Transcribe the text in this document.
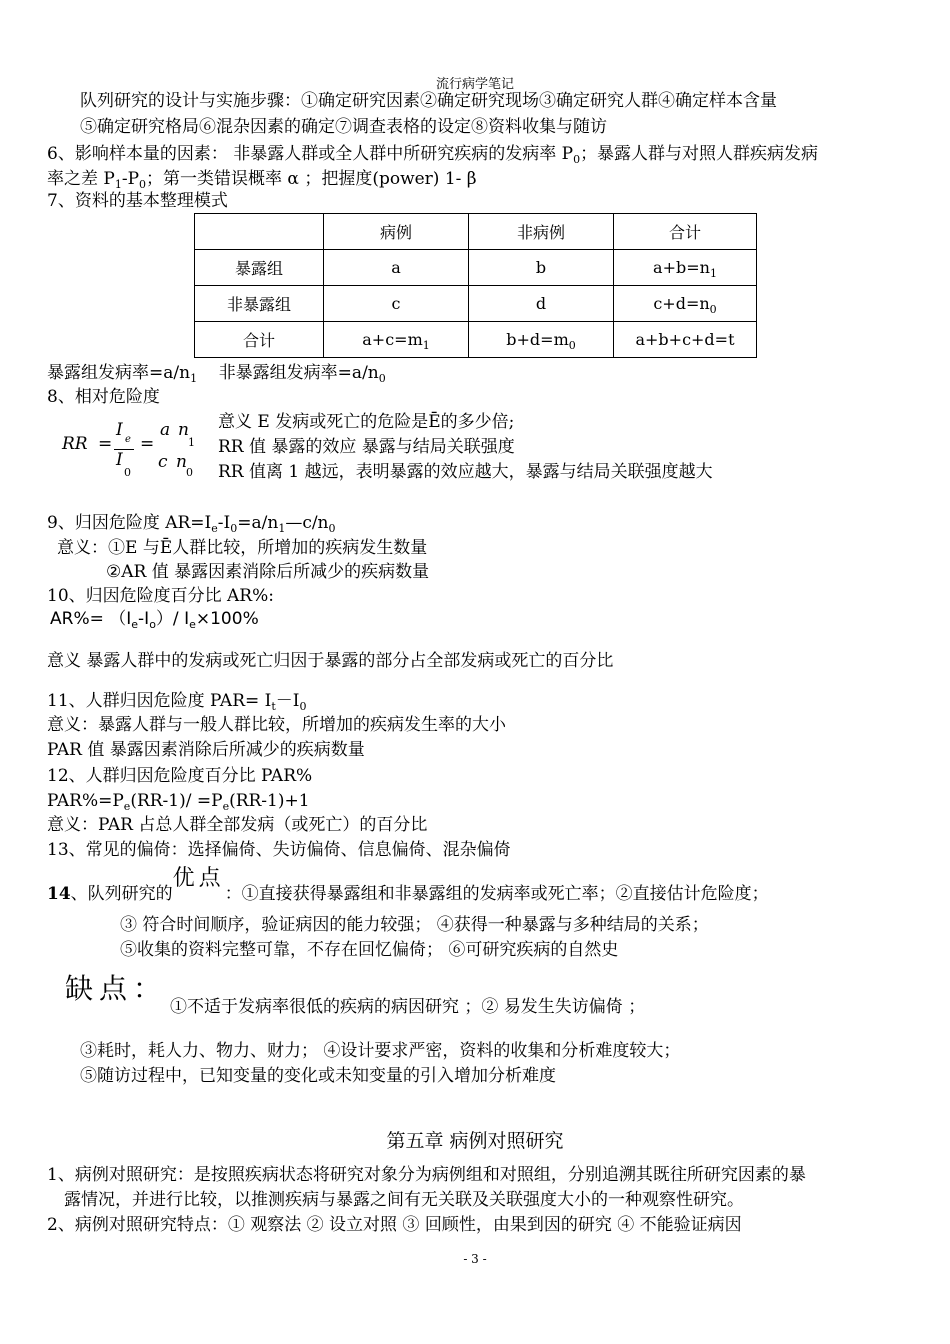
流行病学笔记
队列研究的设计与实施步骤：①确定研究因素②确定研究现场③确定研究人群④确定样本含量
⑤确定研究格局⑥混杂因素的确定⑦调查表格的设定⑧资料收集与随访
6、影响样本量的因素： 非暴露人群或全人群中所研究疾病的发病率 $P_0$；暴露人群与对照人群疾病发病
率之差 $P_1-P_0$；第一类错误概率 α ；把握度(power) 1- β
7、资料的基本整理模式
	病例	非病例	合计
暴露组	a	b	$a+b=n_1$
非暴露组	c	d	$c+d=n_0$
合计	$a+c=m_1$	$b+d=m_0$	a+b+c+d=t
暴露组发病率$=a/n_1$ 非暴露组发病率$=a/n_0$
8、相对危险度
RR =
I e
I
0
=
a n
1
c n
0
意义 E 发病或死亡的危险是Ē的多少倍;
RR 值 暴露的效应 暴露与结局关联强度
RR 值离 1 越远，表明暴露的效应越大，暴露与结局关联强度越大
9、归因危险度 $AR=I_e-I_0=a/n_1—c/n_0$
意义：①E 与Ē人群比较，所增加的疾病发生数量
②AR 值 暴露因素消除后所减少的疾病数量
10、归因危险度百分比 AR%:
$AR\%= (I_e-I_o)/$ $I_e\times 100\%$
意义 暴露人群中的发病或死亡归因于暴露的部分占全部发病或死亡的百分比
11、人群归因危险度 $PAR= I_t-I_0$
意义：暴露人群与一般人群比较，所增加的疾病发生率的大小
PAR 值 暴露因素消除后所减少的疾病数量
12、人群归因危险度百分比 PAR%
$PAR\%=P_e(RR-1)/ =P_e(RR-1)+1$
意义：PAR 占总人群全部发病（或死亡）的百分比
13、常见的偏倚：选择偏倚、失访偏倚、信息偏倚、混杂偏倚
14、队列研究的优点：①直接获得暴露组和非暴露组的发病率或死亡率；②直接估计危险度；
③ 符合时间顺序，验证病因的能力较强； ④获得一种暴露与多种结局的关系；
⑤收集的资料完整可靠，不存在回忆偏倚； ⑥可研究疾病的自然史
缺点：
①不适于发病率很低的疾病的病因研究 ；② 易发生失访偏倚 ；
③耗时，耗人力、物力、财力； ④设计要求严密，资料的收集和分析难度较大；
⑤随访过程中，已知变量的变化或未知变量的引入增加分析难度
第五章 病例对照研究
1、病例对照研究：是按照疾病状态将研究对象分为病例组和对照组，分别追溯其既往所研究因素的暴
露情况，并进行比较，以推测疾病与暴露之间有无关联及关联强度大小的一种观察性研究。
2、病例对照研究特点：① 观察法 ② 设立对照 ③ 回顾性，由果到因的研究 ④ 不能验证病因
- 3 -
